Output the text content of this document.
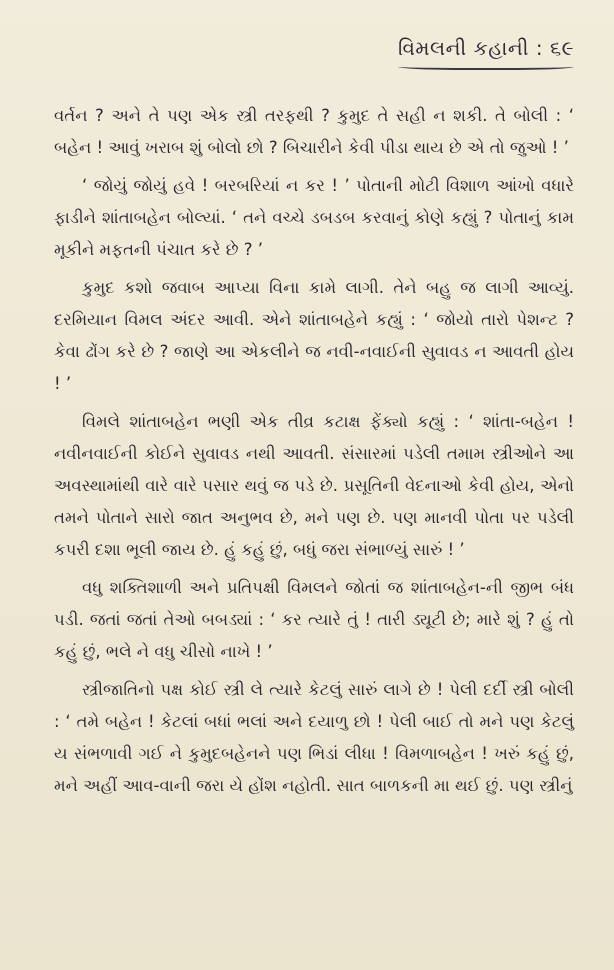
વિમલની કહાની : ૬૯

વર્તન ? અને તે પણ એક સ્ત્રી તરફથી ? કુમુદ તે સહી ન શકી. તે બોલી : ‘ બહેન ! આવું ખરાબ શું બોલો છો ? બિચારીને કેવી પીડા થાય છે એ તો જુઓ ! ’

‘ જોયું જોયું હવે ! બરબરિયાં ન કર ! ’ પોતાની મોટી વિશાળ આંખો વધારે ફાડીને શાંતાબહેન બોલ્યાં. ‘ તને વચ્ચે ડબડબ કરવાનું કોણે કહ્યું ? પોતાનું કામ મૂકીને મફતની પંચાત કરે છે ? ’

કુમુદ કશો જવાબ આપ્યા વિના કામે લાગી. તેને બહુ જ લાગી આવ્યું. દરમિયાન વિમલ અંદર આવી. એને શાંતાબહેને કહ્યું : ‘ જોયો તારો પેશન્ટ ? કેવા ઢોંગ કરે છે ? જાણે આ એકલીને જ નવી-નવાઈની સુવાવડ ન આવતી હોય ! ’

વિમલે શાંતાબહેન ભણી એક તીવ્ર કટાક્ષ ફેંક્યો કહ્યું : ‘ શાંતા-બહેન ! નવીનવાઈની કોઈને સુવાવડ નથી આવતી. સંસારમાં પડેલી તમામ સ્ત્રીઓને આ અવસ્થામાંથી વારે વારે પસાર થવું જ પડે છે. પ્રસૂતિની વેદનાઓ કેવી હોય, એનો તમને પોતાને સારો જાત અનુભવ છે, મને પણ છે. પણ માનવી પોતા પર પડેલી કપરી દશા ભૂલી જાય છે. હું કહું છું, બધું જરા સંભાળ્યું સારું ! ’

વધુ શક્તિશાળી અને પ્રતિપક્ષી વિમલને જોતાં જ શાંતાબહેન-ની જીભ બંધ પડી. જતાં જતાં તેઓ બબડ્યાં : ‘ કર ત્યારે તું ! તારી ડ્યૂટી છે; મારે શું ? હું તો કહું છું, ભલે ને વધુ ચીસો નાખે ! ’

સ્ત્રીજાતિનો પક્ષ કોઈ સ્ત્રી લે ત્યારે કેટલું સારું લાગે છે ! પેલી દર્દી સ્ત્રી બોલી : ‘ તમે બહેન ! કેટલાં બધાં ભલાં અને દયાળુ છો ! પેલી બાઈ તો મને પણ કેટલું ય સંભળાવી ગઈ ને કુમુદબહેનને પણ ભિડાં લીધા ! વિમળાબહેન ! ખરું કહું છું, મને અહીં આવ-વાની જરા યે હોંશ નહોતી. સાત બાળકની મા થઈ છું. પણ સ્ત્રીનું
